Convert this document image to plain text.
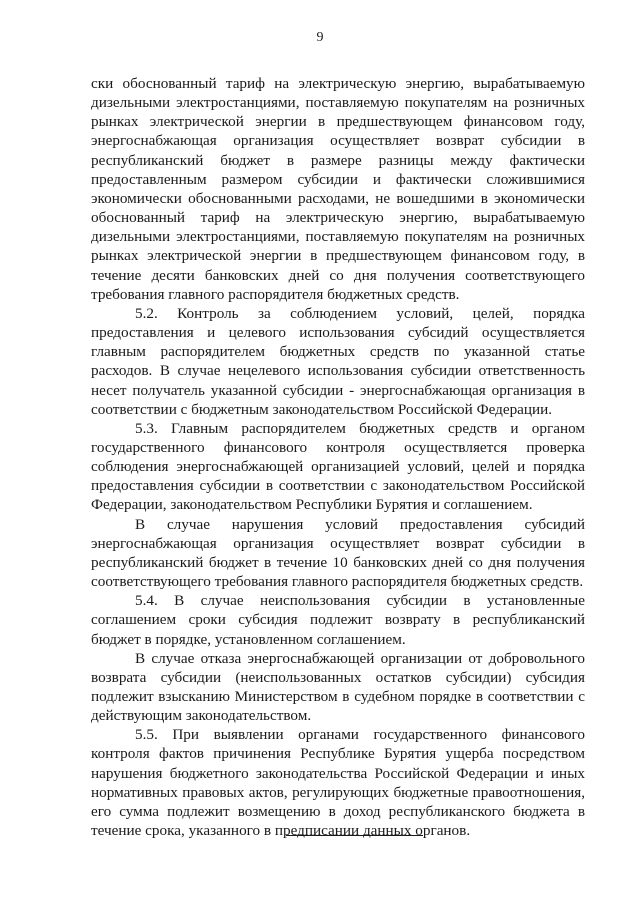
9

ски обоснованный тариф на электрическую энергию, вырабатываемую дизельными электростанциями, поставляемую покупателям на розничных рынках электрической энергии в предшествующем финансовом году, энергоснабжающая организация осуществляет возврат субсидии в республиканский бюджет в размере разницы между фактически предоставленным размером субсидии и фактически сложившимися экономически обоснованными расходами, не вошедшими в экономически обоснованный тариф на электрическую энергию, вырабатываемую дизельными электростанциями, поставляемую покупателям на розничных рынках электрической энергии в предшествующем финансовом году, в течение десяти банковских дней со дня получения соответствующего требования главного распорядителя бюджетных средств.

5.2. Контроль за соблюдением условий, целей, порядка предоставления и целевого использования субсидий осуществляется главным распорядителем бюджетных средств по указанной статье расходов. В случае нецелевого использования субсидии ответственность несет получатель указанной субсидии - энергоснабжающая организация в соответствии с бюджетным законодательством Российской Федерации.

5.3. Главным распорядителем бюджетных средств и органом государственного финансового контроля осуществляется проверка соблюдения энергоснабжающей организацией условий, целей и порядка предоставления субсидии в соответствии с законодательством Российской Федерации, законодательством Республики Бурятия и соглашением.

В случае нарушения условий предоставления субсидий энергоснабжающая организация осуществляет возврат субсидии в республиканский бюджет в течение 10 банковских дней со дня получения соответствующего требования главного распорядителя бюджетных средств.

5.4. В случае неиспользования субсидии в установленные соглашением сроки субсидия подлежит возврату в республиканский бюджет в порядке, установленном соглашением.

В случае отказа энергоснабжающей организации от добровольного возврата субсидии (неиспользованных остатков субсидии) субсидия подлежит взысканию Министерством в судебном порядке в соответствии с действующим законодательством.

5.5. При выявлении органами государственного финансового контроля фактов причинения Республике Бурятия ущерба посредством нарушения бюджетного законодательства Российской Федерации и иных нормативных правовых актов, регулирующих бюджетные правоотношения, его сумма подлежит возмещению в доход республиканского бюджета в течение срока, указанного в предписании данных органов.
